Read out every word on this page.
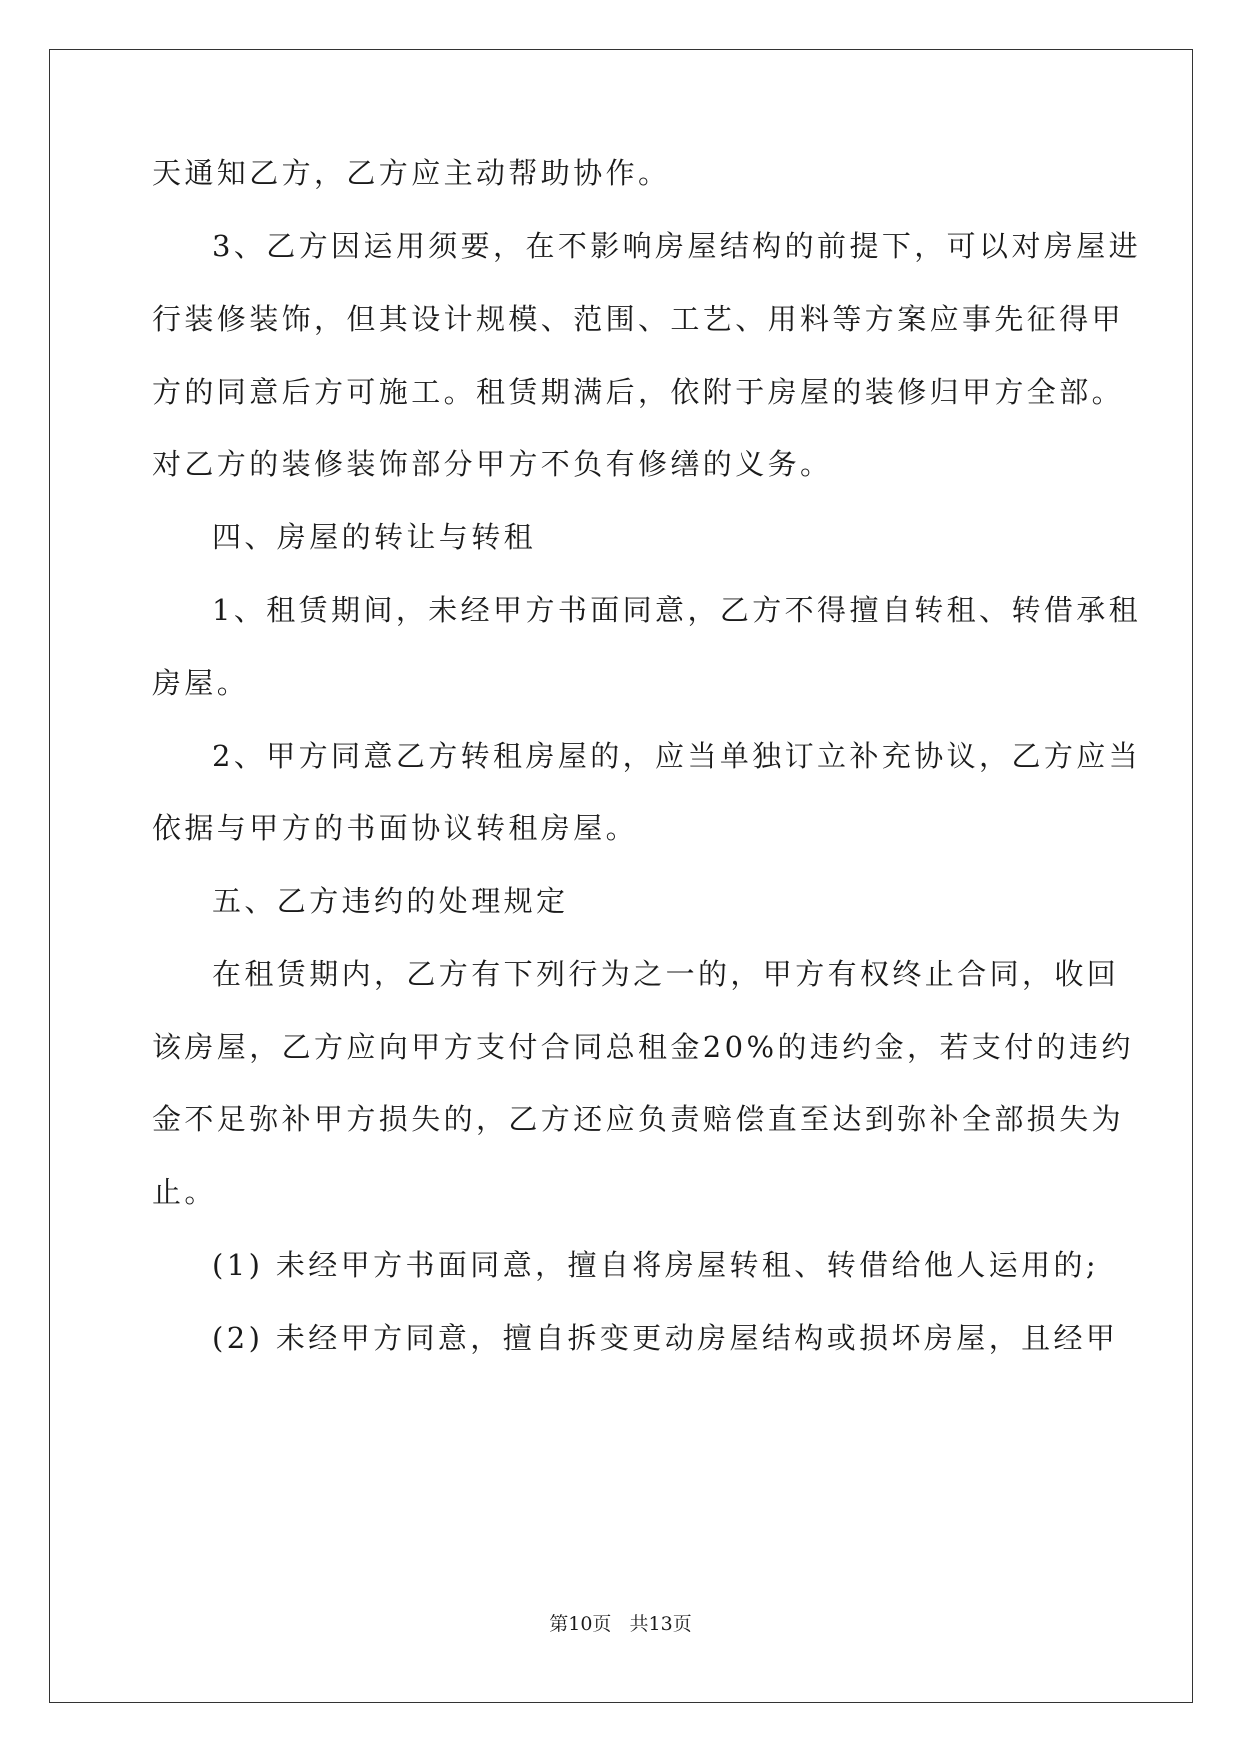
天通知乙方，乙方应主动帮助协作。
3、乙方因运用须要，在不影响房屋结构的前提下，可以对房屋进
行装修装饰，但其设计规模、范围、工艺、用料等方案应事先征得甲
方的同意后方可施工。租赁期满后，依附于房屋的装修归甲方全部。
对乙方的装修装饰部分甲方不负有修缮的义务。
四、房屋的转让与转租
1、租赁期间，未经甲方书面同意，乙方不得擅自转租、转借承租
房屋。
2、甲方同意乙方转租房屋的，应当单独订立补充协议，乙方应当
依据与甲方的书面协议转租房屋。
五、乙方违约的处理规定
在租赁期内，乙方有下列行为之一的，甲方有权终止合同，收回
该房屋，乙方应向甲方支付合同总租金20%的违约金，若支付的违约
金不足弥补甲方损失的，乙方还应负责赔偿直至达到弥补全部损失为
止。
(1) 未经甲方书面同意，擅自将房屋转租、转借给他人运用的;
(2) 未经甲方同意，擅自拆变更动房屋结构或损坏房屋，且经甲
第10页   共13页
